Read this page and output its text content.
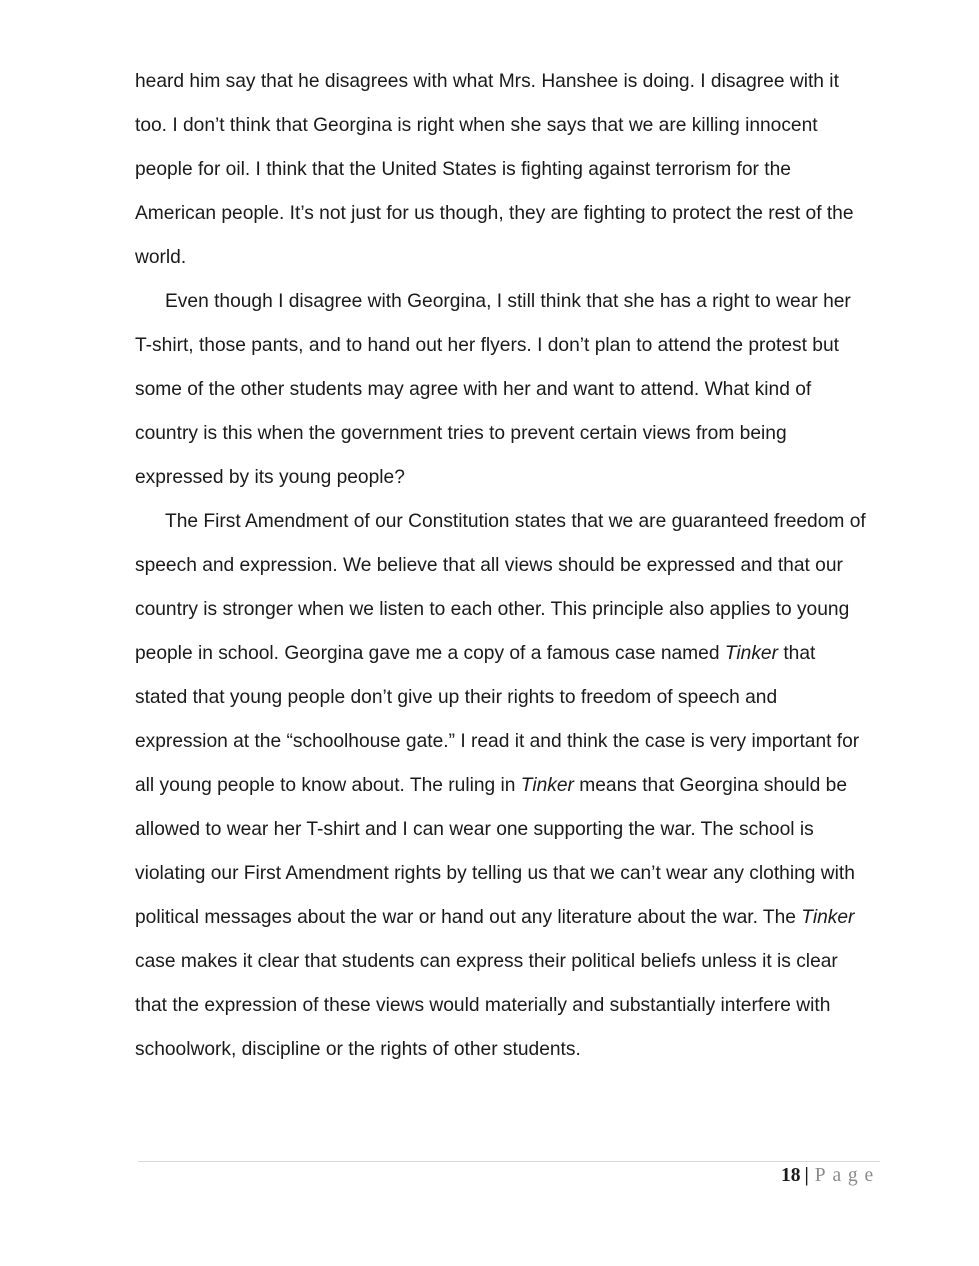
heard him say that he disagrees with what Mrs. Hanshee is doing. I disagree with it
too. I don’t think that Georgina is right when she says that we are killing innocent
people for oil. I think that the United States is fighting against terrorism for the
American people. It’s not just for us though, they are fighting to protect the rest of the
world.
Even though I disagree with Georgina, I still think that she has a right to wear her
T-shirt, those pants, and to hand out her flyers. I don’t plan to attend the protest but
some of the other students may agree with her and want to attend. What kind of
country is this when the government tries to prevent certain views from being
expressed by its young people?
The First Amendment of our Constitution states that we are guaranteed freedom of
speech and expression. We believe that all views should be expressed and that our
country is stronger when we listen to each other. This principle also applies to young
people in school. Georgina gave me a copy of a famous case named Tinker that
stated that young people don’t give up their rights to freedom of speech and
expression at the “schoolhouse gate.” I read it and think the case is very important for
all young people to know about. The ruling in Tinker means that Georgina should be
allowed to wear her T-shirt and I can wear one supporting the war. The school is
violating our First Amendment rights by telling us that we can’t wear any clothing with
political messages about the war or hand out any literature about the war. The Tinker
case makes it clear that students can express their political beliefs unless it is clear
that the expression of these views would materially and substantially interfere with
schoolwork, discipline or the rights of other students.
18 | Page
